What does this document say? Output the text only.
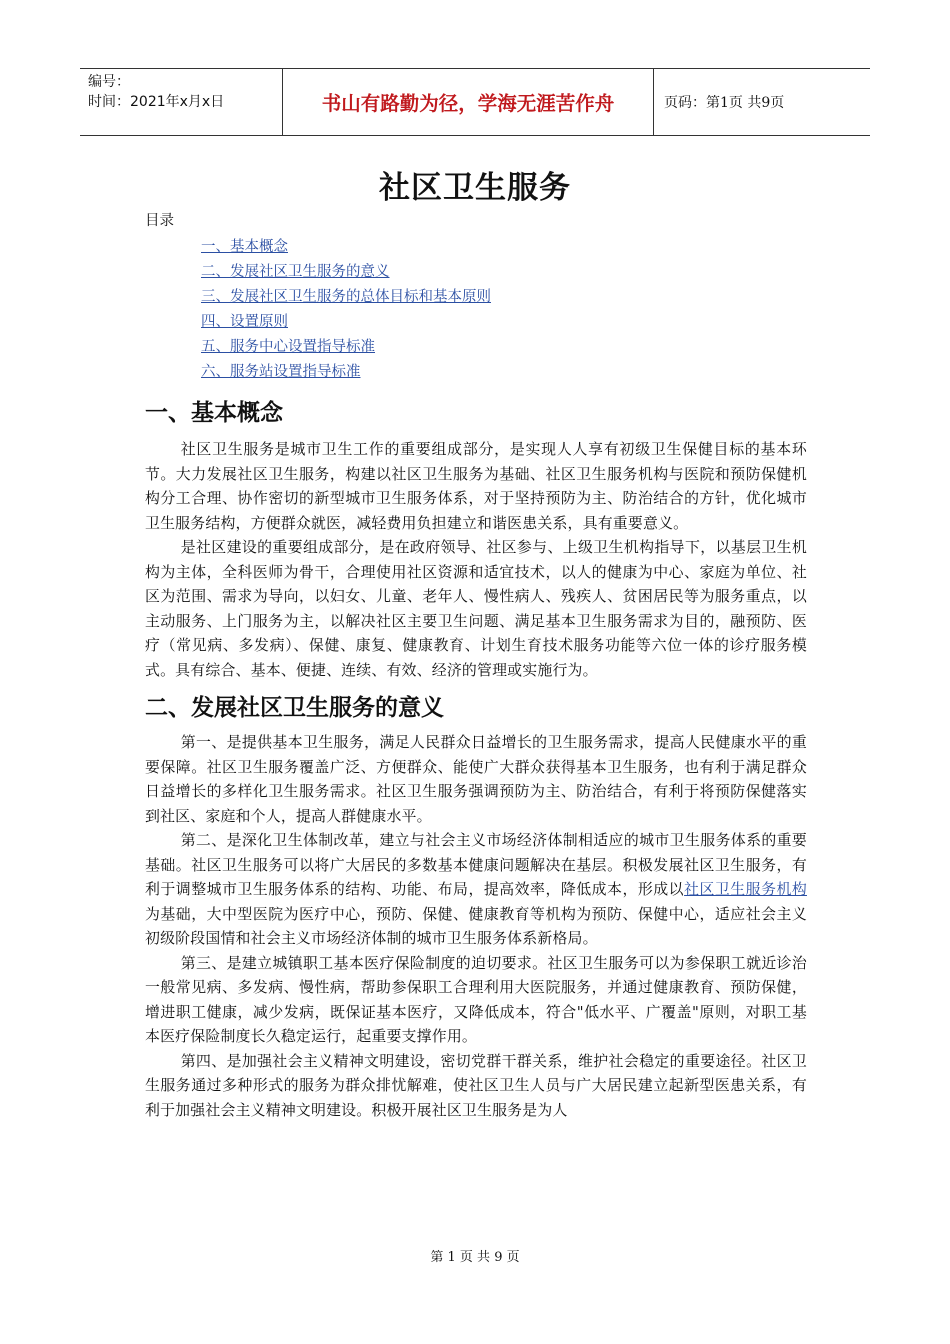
编号：
时间：2021年x月x日	书山有路勤为径，学海无涯苦作舟	页码：第1页 共9页
社区卫生服务
目录
一、基本概念
二、发展社区卫生服务的意义
三、发展社区卫生服务的总体目标和基本原则
四、设置原则
五、服务中心设置指导标准
六、服务站设置指导标准
一、基本概念

社区卫生服务是城市卫生工作的重要组成部分，是实现人人享有初级卫生保健目标的基本环节。大力发展社区卫生服务，构建以社区卫生服务为基础、社区卫生服务机构与医院和预防保健机构分工合理、协作密切的新型城市卫生服务体系，对于坚持预防为主、防治结合的方针，优化城市卫生服务结构，方便群众就医，减轻费用负担建立和谐医患关系，具有重要意义。

是社区建设的重要组成部分，是在政府领导、社区参与、上级卫生机构指导下，以基层卫生机构为主体，全科医师为骨干，合理使用社区资源和适宜技术，以人的健康为中心、家庭为单位、社区为范围、需求为导向，以妇女、儿童、老年人、慢性病人、残疾人、贫困居民等为服务重点，以主动服务、上门服务为主，以解决社区主要卫生问题、满足基本卫生服务需求为目的，融预防、医疗（常见病、多发病）、保健、康复、健康教育、计划生育技术服务功能等六位一体的诊疗服务模式。具有综合、基本、便捷、连续、有效、经济的管理或实施行为。

二、发展社区卫生服务的意义

第一、是提供基本卫生服务，满足人民群众日益增长的卫生服务需求，提高人民健康水平的重要保障。社区卫生服务覆盖广泛、方便群众、能使广大群众获得基本卫生服务，也有利于满足群众日益增长的多样化卫生服务需求。社区卫生服务强调预防为主、防治结合，有利于将预防保健落实到社区、家庭和个人，提高人群健康水平。

第二、是深化卫生体制改革，建立与社会主义市场经济体制相适应的城市卫生服务体系的重要基础。社区卫生服务可以将广大居民的多数基本健康问题解决在基层。积极发展社区卫生服务，有利于调整城市卫生服务体系的结构、功能、布局，提高效率，降低成本，形成以社区卫生服务机构为基础，大中型医院为医疗中心，预防、保健、健康教育等机构为预防、保健中心，适应社会主义初级阶段国情和社会主义市场经济体制的城市卫生服务体系新格局。

第三、是建立城镇职工基本医疗保险制度的迫切要求。社区卫生服务可以为参保职工就近诊治一般常见病、多发病、慢性病，帮助参保职工合理利用大医院服务，并通过健康教育、预防保健，增进职工健康，减少发病，既保证基本医疗，又降低成本，符合"低水平、广覆盖"原则，对职工基本医疗保险制度长久稳定运行，起重要支撑作用。

第四、是加强社会主义精神文明建设，密切党群干群关系，维护社会稳定的重要途径。社区卫生服务通过多种形式的服务为群众排忧解难，使社区卫生人员与广大居民建立起新型医患关系，有利于加强社会主义精神文明建设。积极开展社区卫生服务是为人

第 1 页 共 9 页
